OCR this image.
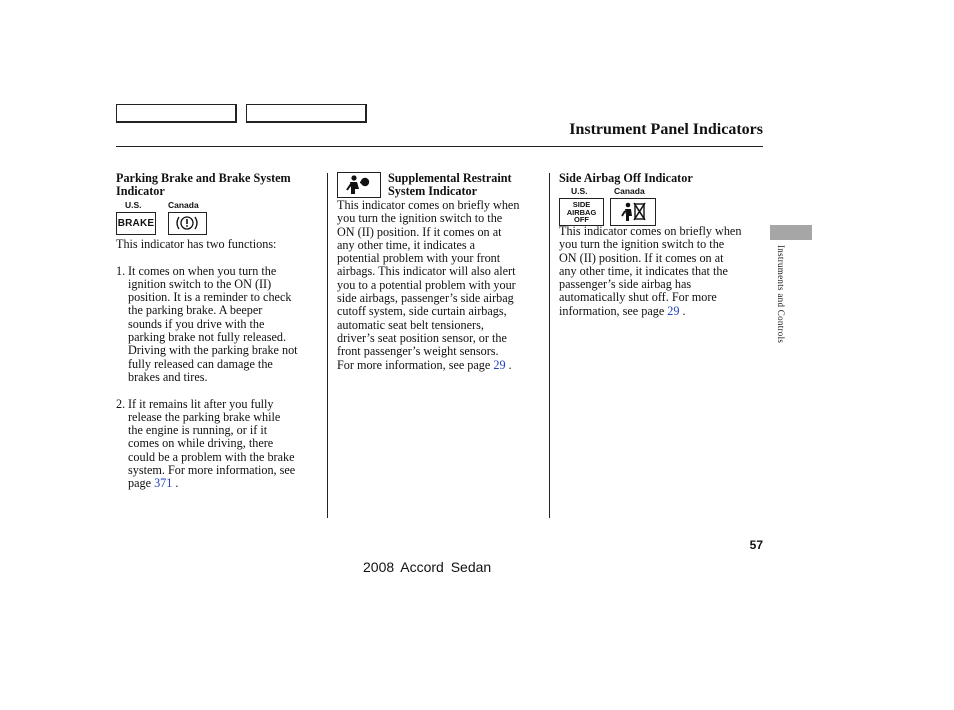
Instrument Panel Indicators

Parking Brake and Brake System

Indicator

U.S.	Canada
BRAKE

This indicator has two functions:

1. It comes on when you turn the

ignition switch to the ON (II)

position. It is a reminder to check

the parking brake. A beeper

sounds if you drive with the

parking brake not fully released.

Driving with the parking brake not

fully released can damage the

brakes and tires.

2. If it remains lit after you fully

release the parking brake while

the engine is running, or if it

comes on while driving, there

could be a problem with the brake

system. For more information, see

page 371 .

Supplemental Restraint

System Indicator

This indicator comes on briefly when

you turn the ignition switch to the

ON (II) position. If it comes on at

any other time, it indicates a

potential problem with your front

airbags. This indicator will also alert

you to a potential problem with your

side airbags, passenger’s side airbag

cutoff system, side curtain airbags,

automatic seat belt tensioners,

driver’s seat position sensor, or the

front passenger’s weight sensors.

For more information, see page 29 .

Side Airbag Off Indicator

U.S.	Canada
SIDE
AIRBAG
OFF

This indicator comes on briefly when

you turn the ignition switch to the

ON (II) position. If it comes on at

any other time, it indicates that the

passenger’s side airbag has

automatically shut off. For more

information, see page 29 .	Instruments and Controls
57
2008 Accord Sedan
